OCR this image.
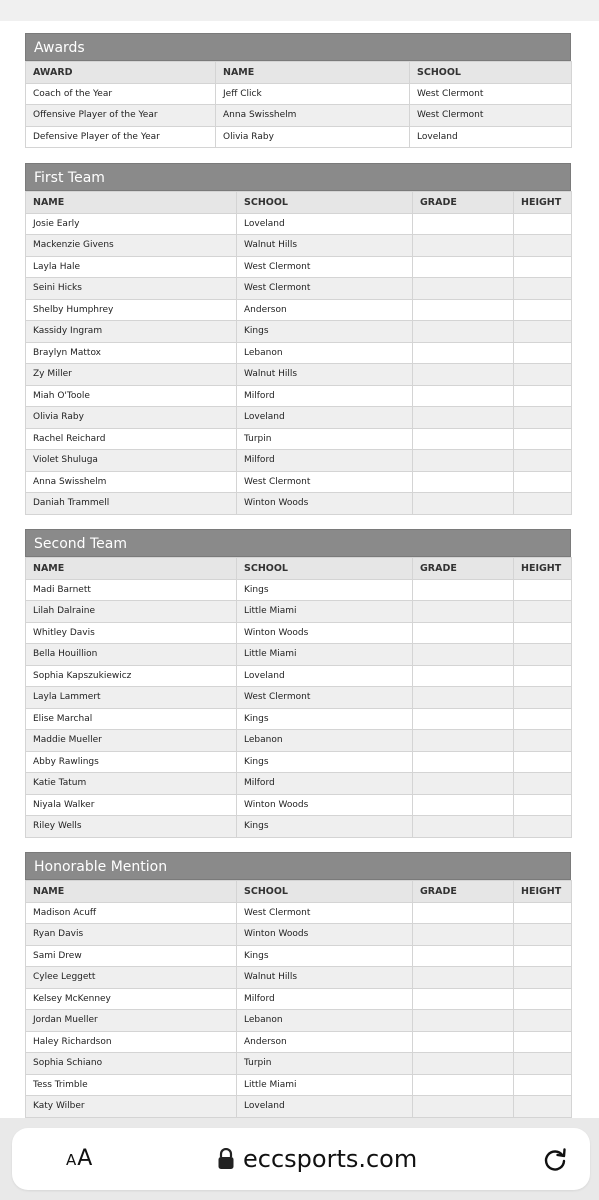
Awards
AWARD	NAME	SCHOOL
Coach of the Year	Jeff Click	West Clermont
Offensive Player of the Year	Anna Swisshelm	West Clermont
Defensive Player of the Year	Olivia Raby	Loveland
First Team
NAME	SCHOOL	GRADE	HEIGHT
Josie Early	Loveland		
Mackenzie Givens	Walnut Hills		
Layla Hale	West Clermont		
Seini Hicks	West Clermont		
Shelby Humphrey	Anderson		
Kassidy Ingram	Kings		
Braylyn Mattox	Lebanon		
Zy Miller	Walnut Hills		
Miah O'Toole	Milford		
Olivia Raby	Loveland		
Rachel Reichard	Turpin		
Violet Shuluga	Milford		
Anna Swisshelm	West Clermont		
Daniah Trammell	Winton Woods		
Second Team
NAME	SCHOOL	GRADE	HEIGHT
Madi Barnett	Kings		
Lilah Dalraine	Little Miami		
Whitley Davis	Winton Woods		
Bella Houillion	Little Miami		
Sophia Kapszukiewicz	Loveland		
Layla Lammert	West Clermont		
Elise Marchal	Kings		
Maddie Mueller	Lebanon		
Abby Rawlings	Kings		
Katie Tatum	Milford		
Niyala Walker	Winton Woods		
Riley Wells	Kings		
Honorable Mention
NAME	SCHOOL	GRADE	HEIGHT
Madison Acuff	West Clermont		
Ryan Davis	Winton Woods		
Sami Drew	Kings		
Cylee Leggett	Walnut Hills		
Kelsey McKenney	Milford		
Jordan Mueller	Lebanon		
Haley Richardson	Anderson		
Sophia Schiano	Turpin		
Tess Trimble	Little Miami		
Katy Wilber	Loveland		
AA	eccsports.com
